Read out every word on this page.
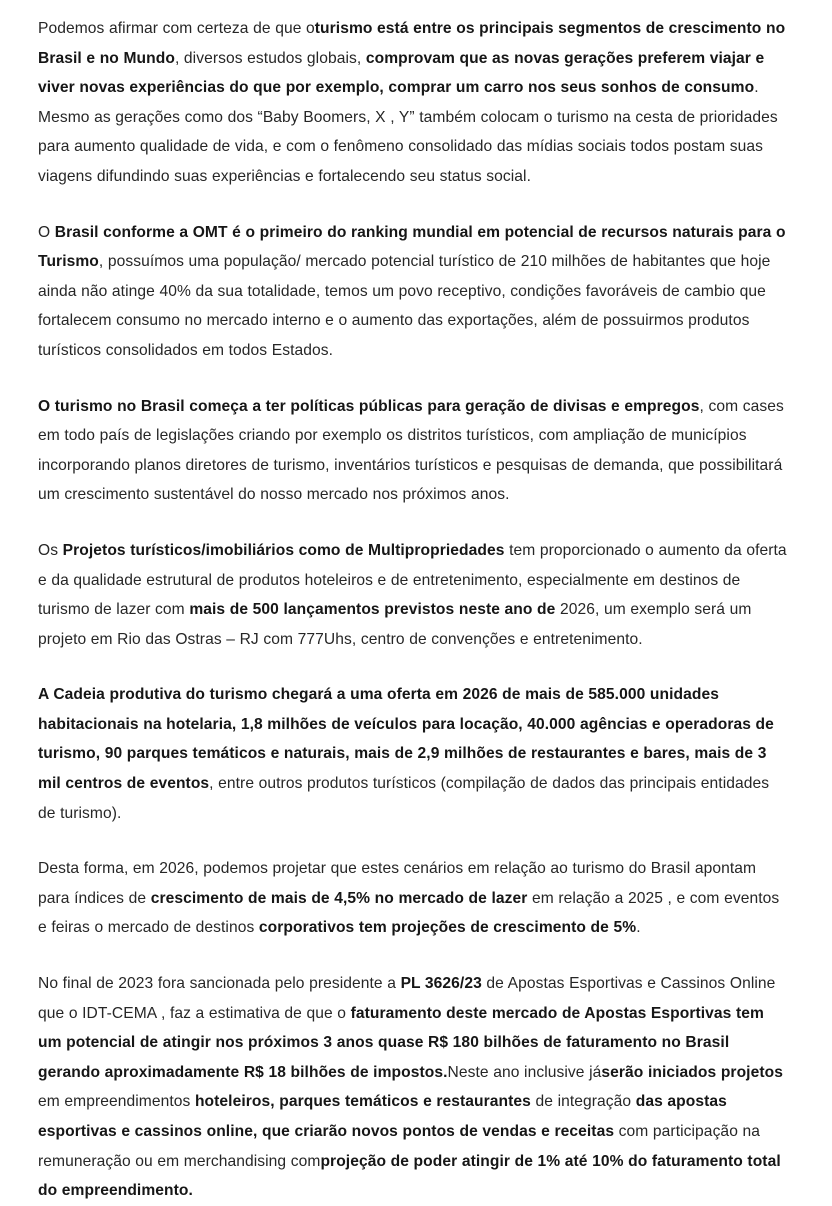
Podemos afirmar com certeza de que oturismo está entre os principais segmentos de crescimento no Brasil e no Mundo, diversos estudos globais, comprovam que as novas gerações preferem viajar e viver novas experiências do que por exemplo, comprar um carro nos seus sonhos de consumo. Mesmo as gerações como dos “Baby Boomers, X , Y” também colocam o turismo na cesta de prioridades para aumento qualidade de vida, e com o fenômeno consolidado das mídias sociais todos postam suas viagens difundindo suas experiências e fortalecendo seu status social.

O Brasil conforme a OMT é o primeiro do ranking mundial em potencial de recursos naturais para o Turismo, possuímos uma população/ mercado potencial turístico de 210 milhões de habitantes que hoje ainda não atinge 40% da sua totalidade, temos um povo receptivo, condições favoráveis de cambio que fortalecem consumo no mercado interno e o aumento das exportações, além de possuirmos produtos turísticos consolidados em todos Estados.

O turismo no Brasil começa a ter políticas públicas para geração de divisas e empregos, com cases em todo país de legislações criando por exemplo os distritos turísticos, com ampliação de municípios incorporando planos diretores de turismo, inventários turísticos e pesquisas de demanda, que possibilitará um crescimento sustentável do nosso mercado nos próximos anos.

Os Projetos turísticos/imobiliários como de Multipropriedades tem proporcionado o aumento da oferta e da qualidade estrutural de produtos hoteleiros e de entretenimento, especialmente em destinos de turismo de lazer com mais de 500 lançamentos previstos neste ano de 2026, um exemplo será um projeto em Rio das Ostras – RJ com 777Uhs, centro de convenções e entretenimento.

A Cadeia produtiva do turismo chegará a uma oferta em 2026 de mais de 585.000 unidades habitacionais na hotelaria, 1,8 milhões de veículos para locação, 40.000 agências e operadoras de turismo, 90 parques temáticos e naturais, mais de 2,9 milhões de restaurantes e bares, mais de 3 mil centros de eventos, entre outros produtos turísticos (compilação de dados das principais entidades de turismo).

Desta forma, em 2026, podemos projetar que estes cenários em relação ao turismo do Brasil apontam para índices de crescimento de mais de 4,5% no mercado de lazer em relação a 2025 , e com eventos e feiras o mercado de destinos corporativos tem projeções de crescimento de 5%.

No final de 2023 fora sancionada pelo presidente a PL 3626/23 de Apostas Esportivas e Cassinos Online que o IDT-CEMA , faz a estimativa de que o faturamento deste mercado de Apostas Esportivas tem um potencial de atingir nos próximos 3 anos quase R$ 180 bilhões de faturamento no Brasil gerando aproximadamente R$ 18 bilhões de impostos.Neste ano inclusive jáserão iniciados projetos em empreendimentos hoteleiros, parques temáticos e restaurantes de integração das apostas esportivas e cassinos online, que criarão novos pontos de vendas e receitas com participação na remuneração ou em merchandising comprojeção de poder atingir de 1% até 10% do faturamento total do empreendimento.
